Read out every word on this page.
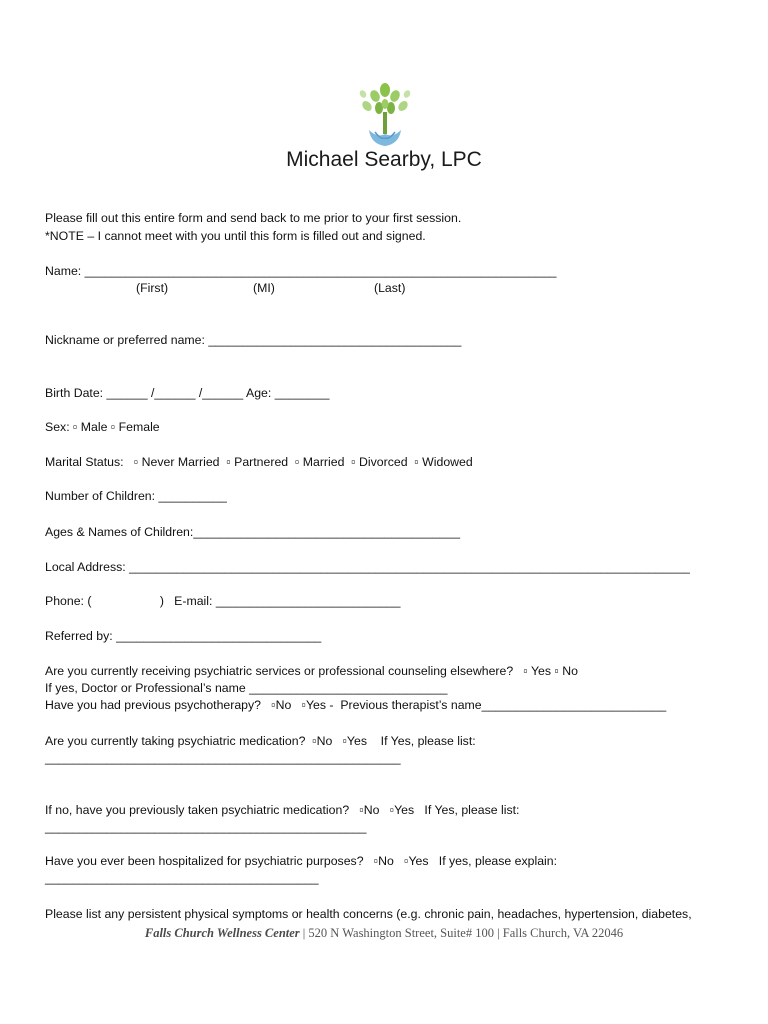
Michael Searby, LPC
Please fill out this entire form and send back to me prior to your first session.
*NOTE – I cannot meet with you until this form is filled out and signed.
Name: _____________________________________________________________________
(First)	(MI)	(Last)
Nickname or preferred name: _____________________________________
Birth Date: ______ /______ /______ Age: ________
Sex: ▫ Male ▫ Female
Marital Status:   ▫ Never Married  ▫ Partnered  ▫ Married  ▫ Divorced  ▫ Widowed
Number of Children: __________
Ages & Names of Children:_______________________________________
Local Address: __________________________________________________________________________________
Phone: (                    )   E-mail: ___________________________
Referred by: ______________________________
Are you currently receiving psychiatric services or professional counseling elsewhere?   ▫ Yes ▫ No
If yes, Doctor or Professional’s name _____________________________
Have you had previous psychotherapy?   ▫No   ▫Yes -  Previous therapist’s name___________________________
Are you currently taking psychiatric medication?  ▫No   ▫Yes    If Yes, please list:
____________________________________________________
If no, have you previously taken psychiatric medication?   ▫No   ▫Yes   If Yes, please list:
_______________________________________________
Have you ever been hospitalized for psychiatric purposes?   ▫No   ▫Yes   If yes, please explain:
________________________________________
Please list any persistent physical symptoms or health concerns (e.g. chronic pain, headaches, hypertension, diabetes,
Falls Church Wellness Center | 520 N Washington Street, Suite# 100 | Falls Church, VA 22046
